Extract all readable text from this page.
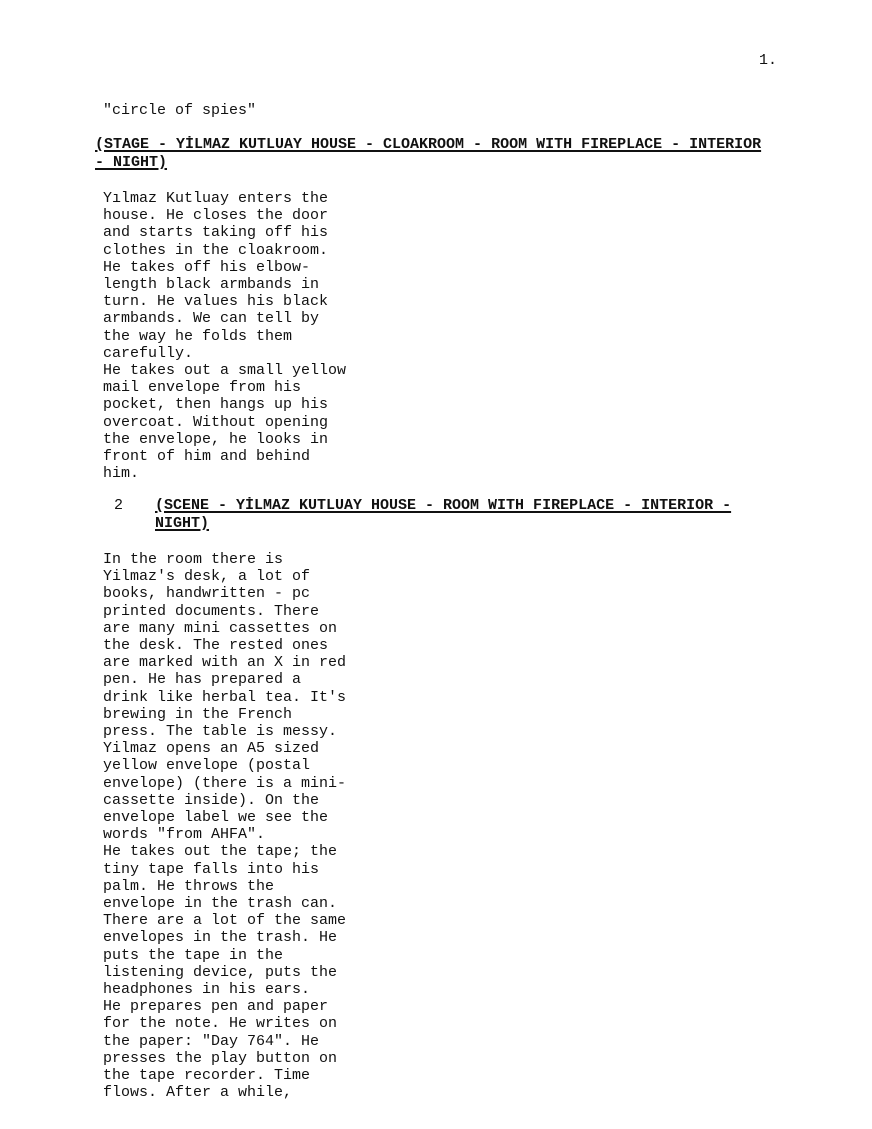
1.
"circle of spies"
(STAGE - YİLMAZ KUTLUAY HOUSE - CLOAKROOM - ROOM WITH FIREPLACE - INTERIOR
- NIGHT)
Yılmaz Kutluay enters the
house. He closes the door
and starts taking off his
clothes in the cloakroom.
He takes off his elbow-
length black armbands in
turn. He values his black
armbands. We can tell by
the way he folds them
carefully.
He takes out a small yellow
mail envelope from his
pocket, then hangs up his
overcoat. Without opening
the envelope, he looks in
front of him and behind
him.
2 (SCENE - YİLMAZ KUTLUAY HOUSE - ROOM WITH FIREPLACE - INTERIOR -
NIGHT)
In the room there is
Yilmaz's desk, a lot of
books, handwritten - pc
printed documents. There
are many mini cassettes on
the desk. The rested ones
are marked with an X in red
pen. He has prepared a
drink like herbal tea. It's
brewing in the French
press. The table is messy.
Yilmaz opens an A5 sized
yellow envelope (postal
envelope) (there is a mini-
cassette inside). On the
envelope label we see the
words "from AHFA".
He takes out the tape; the
tiny tape falls into his
palm. He throws the
envelope in the trash can.
There are a lot of the same
envelopes in the trash. He
puts the tape in the
listening device, puts the
headphones in his ears.
He prepares pen and paper
for the note. He writes on
the paper: "Day 764". He
presses the play button on
the tape recorder. Time
flows. After a while,
